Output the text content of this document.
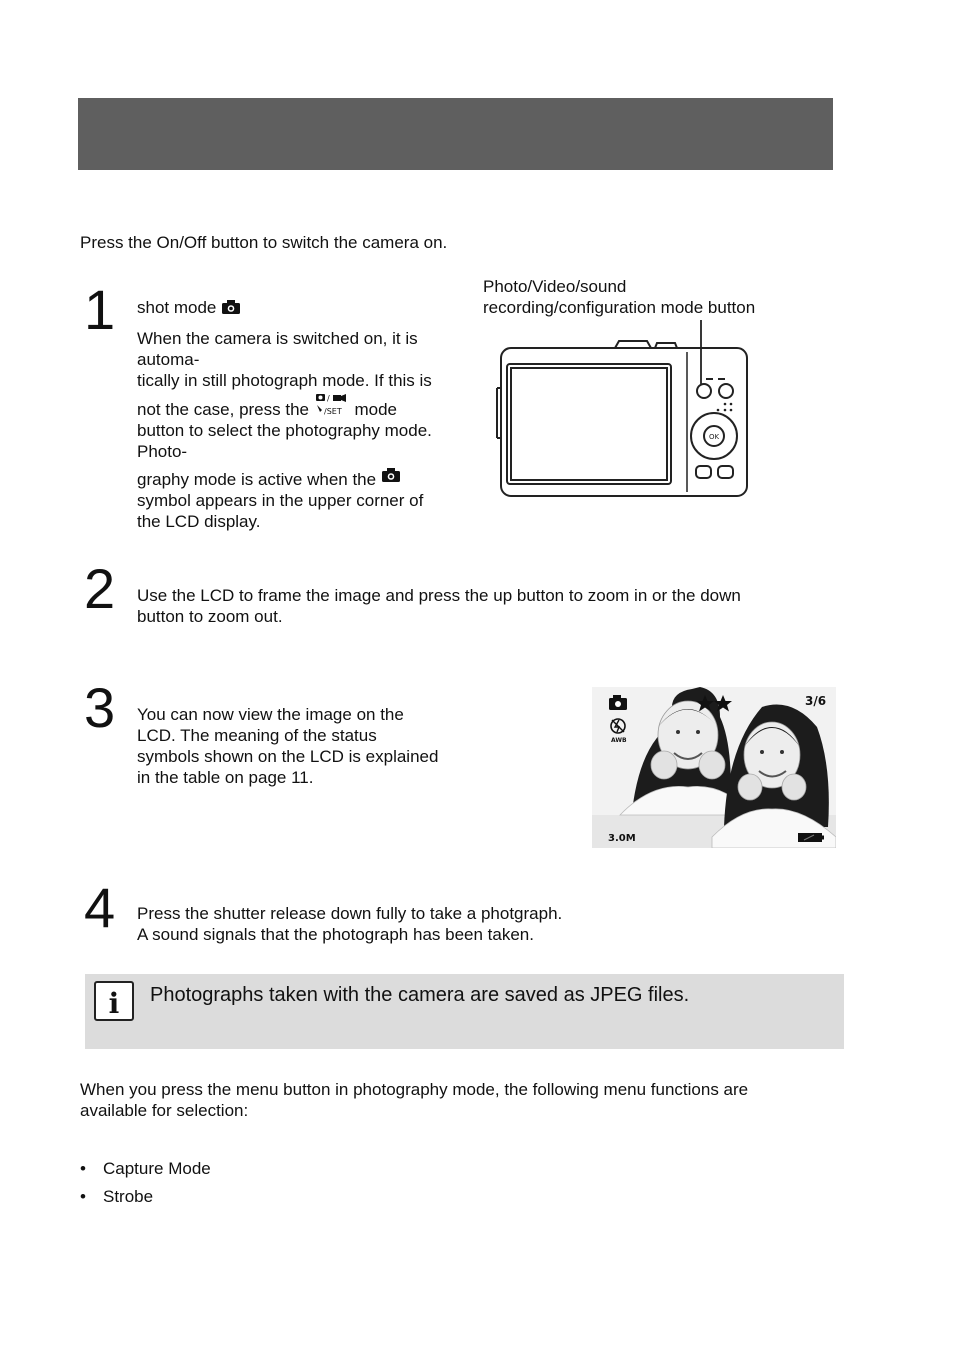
Press the On/Off button to switch the camera on.
1 shot mode

When the camera is switched on, it is automa-

tically in still photograph mode. If this is

not the case, press the
/
/SET mode

button to select the photography mode. Photo-

graphy mode is active when the

symbol appears in the upper corner of

the LCD display.

Photo/Video/sound

recording/configuration mode button

OK
2 Use the LCD to frame the image and press the up button to zoom in or the down

button to zoom out.

3 You can now view the image on the

LCD. The meaning of the status

symbols shown on the LCD is explained

in the table on page 11.

AWB
3/6
3.0M
4 Press the shutter release down fully to take a photgraph.

A sound signals that the photograph has been taken.

i Photographs taken with the camera are saved as JPEG files.

When you press the menu button in photography mode, the following menu functions are

available for selection:

• Capture Mode
• Strobe
